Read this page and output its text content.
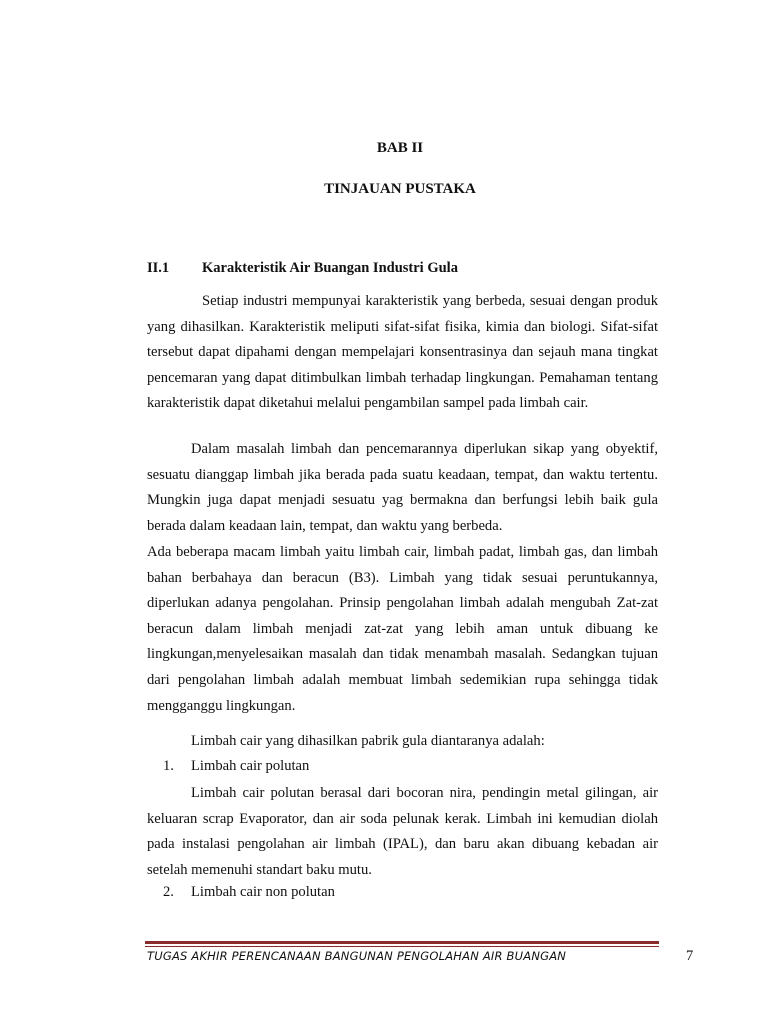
BAB II
TINJAUAN PUSTAKA
II.1 Karakteristik Air Buangan Industri Gula

Setiap industri mempunyai karakteristik yang berbeda, sesuai dengan produk yang dihasilkan. Karakteristik meliputi sifat-sifat fisika, kimia dan biologi. Sifat-sifat tersebut dapat dipahami dengan mempelajari konsentrasinya dan sejauh mana tingkat pencemaran yang dapat ditimbulkan limbah terhadap lingkungan. Pemahaman tentang karakteristik dapat diketahui melalui pengambilan sampel pada limbah cair.

Dalam masalah limbah dan pencemarannya diperlukan sikap yang obyektif, sesuatu dianggap limbah jika berada pada suatu keadaan, tempat, dan waktu tertentu. Mungkin juga dapat menjadi sesuatu yag bermakna dan berfungsi lebih baik gula berada dalam keadaan lain, tempat, dan waktu yang berbeda.

Ada beberapa macam limbah yaitu limbah cair, limbah padat, limbah gas, dan limbah bahan berbahaya dan beracun (B3). Limbah yang tidak sesuai peruntukannya, diperlukan adanya pengolahan. Prinsip pengolahan limbah adalah mengubah Zat-zat beracun dalam limbah menjadi zat-zat yang lebih aman untuk dibuang ke lingkungan,menyelesaikan masalah dan tidak menambah masalah. Sedangkan tujuan dari pengolahan limbah adalah membuat limbah sedemikian rupa sehingga tidak mengganggu lingkungan.

Limbah cair yang dihasilkan pabrik gula diantaranya adalah:
1. Limbah cair polutan

Limbah cair polutan berasal dari bocoran nira, pendingin metal gilingan, air keluaran scrap Evaporator, dan air soda pelunak kerak. Limbah ini kemudian diolah pada instalasi pengolahan air limbah (IPAL), dan baru akan dibuang kebadan air setelah memenuhi standart baku mutu.

2. Limbah cair non polutan
TUGAS AKHIR PERENCANAAN BANGUNAN PENGOLAHAN AIR BUANGAN	7
